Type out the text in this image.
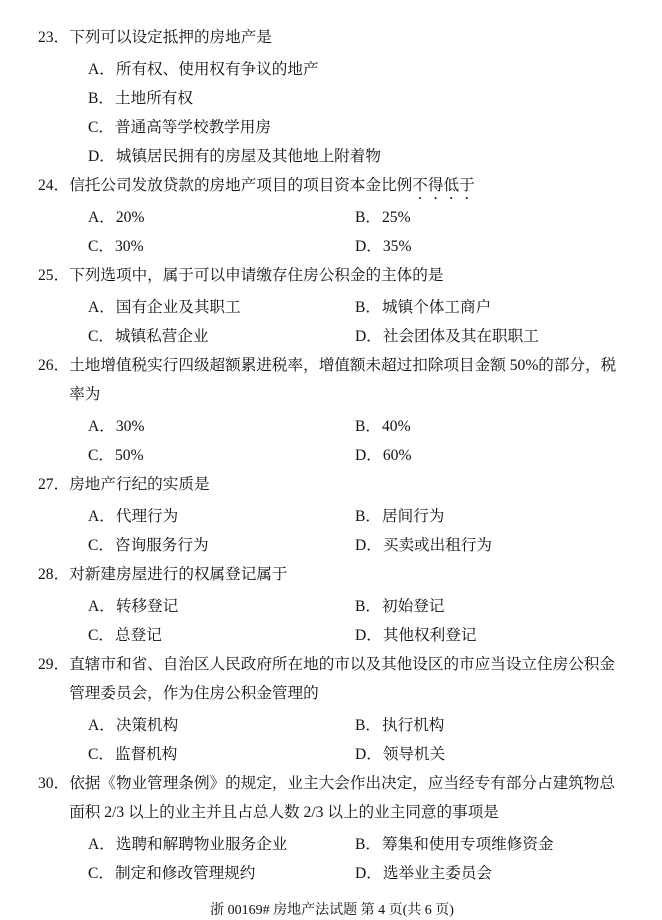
23． 下列可以设定抵押的房地产是

A．所有权、使用权有争议的地产
B．土地所有权
C．普通高等学校教学用房
D．城镇居民拥有的房屋及其他地上附着物
24． 信托公司发放贷款的房地产项目的项目资本金比例不得低于

A．20%	B．25%
C．30%	D．35%
25． 下列选项中，属于可以申请缴存住房公积金的主体的是

A．国有企业及其职工	B．城镇个体工商户
C．城镇私营企业	D．社会团体及其在职职工
26． 土地增值税实行四级超额累进税率，增值额未超过扣除项目金额 50%的部分，税率为

A．30%	B．40%
C．50%	D．60%
27． 房地产行纪的实质是

A．代理行为	B．居间行为
C．咨询服务行为	D．买卖或出租行为
28． 对新建房屋进行的权属登记属于

A．转移登记	B．初始登记
C．总登记	D．其他权利登记
29． 直辖市和省、自治区人民政府所在地的市以及其他设区的市应当设立住房公积金管理委员会，作为住房公积金管理的

A．决策机构	B．执行机构
C．监督机构	D．领导机关
30． 依据《物业管理条例》的规定，业主大会作出决定，应当经专有部分占建筑物总面积 2/3 以上的业主并且占总人数 2/3 以上的业主同意的事项是

A．选聘和解聘物业服务企业	B．筹集和使用专项维修资金
C．制定和修改管理规约	D．选举业主委员会
浙 00169# 房地产法试题 第 4 页(共 6 页)
